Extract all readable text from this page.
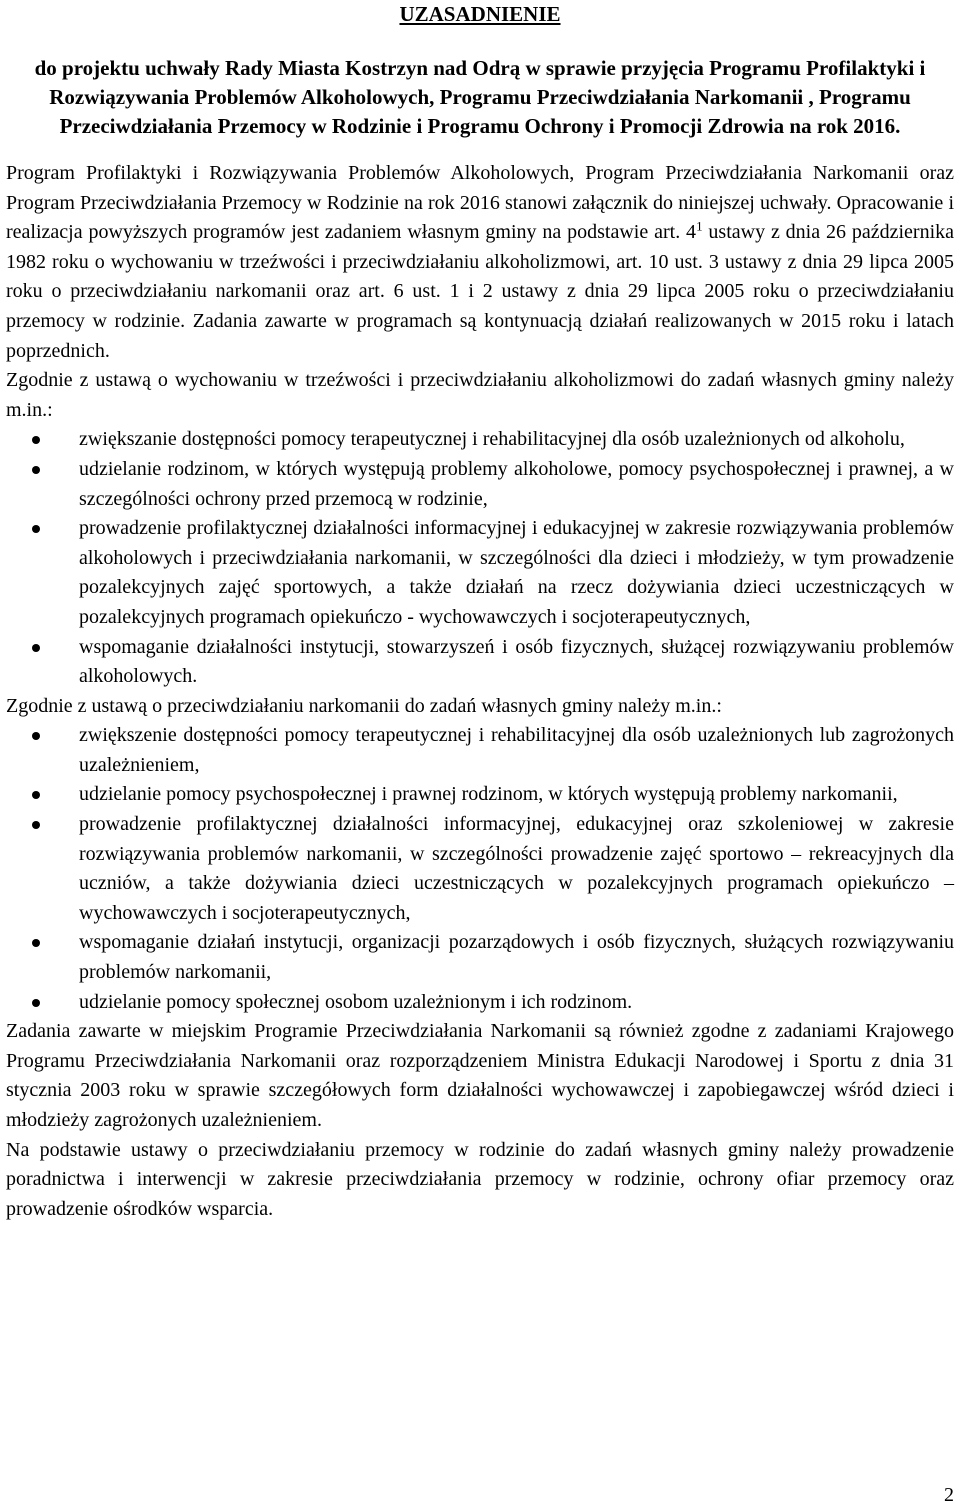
UZASADNIENIE

do projektu uchwały Rady Miasta Kostrzyn nad Odrą w sprawie przyjęcia Programu Profilaktyki i Rozwiązywania Problemów Alkoholowych, Programu Przeciwdziałania Narkomanii , Programu Przeciwdziałania Przemocy w Rodzinie i Programu Ochrony i Promocji Zdrowia na rok 2016.

Program Profilaktyki i Rozwiązywania Problemów Alkoholowych, Program Przeciwdziałania Narkomanii oraz Program Przeciwdziałania Przemocy w Rodzinie na rok 2016 stanowi załącznik do niniejszej uchwały. Opracowanie i realizacja powyższych programów jest zadaniem własnym gminy na podstawie art. $4^1$ ustawy z dnia 26 października 1982 roku o wychowaniu w trzeźwości i przeciwdziałaniu alkoholizmowi, art. 10 ust. 3 ustawy z dnia 29 lipca 2005 roku o przeciwdziałaniu narkomanii oraz art. 6 ust. 1 i 2 ustawy z dnia 29 lipca 2005 roku o przeciwdziałaniu przemocy w rodzinie. Zadania zawarte w programach są kontynuacją działań realizowanych w 2015 roku i latach poprzednich.

Zgodnie z ustawą o wychowaniu w trzeźwości i przeciwdziałaniu alkoholizmowi do zadań własnych gminy należy m.in.:

zwiększanie dostępności pomocy terapeutycznej i rehabilitacyjnej dla osób uzależnionych od alkoholu,
udzielanie rodzinom, w których występują problemy alkoholowe, pomocy psychospołecznej i prawnej, a w szczególności ochrony przed przemocą w rodzinie,
prowadzenie profilaktycznej działalności informacyjnej i edukacyjnej w zakresie rozwiązywania problemów alkoholowych i przeciwdziałania narkomanii, w szczególności dla dzieci i młodzieży, w tym prowadzenie pozalekcyjnych zajęć sportowych, a także działań na rzecz dożywiania dzieci uczestniczących w pozalekcyjnych programach opiekuńczo - wychowawczych i socjoterapeutycznych,
wspomaganie działalności instytucji, stowarzyszeń i osób fizycznych, służącej rozwiązywaniu problemów alkoholowych.

Zgodnie z ustawą o przeciwdziałaniu narkomanii do zadań własnych gminy należy m.in.:

zwiększenie dostępności pomocy terapeutycznej i rehabilitacyjnej dla osób uzależnionych lub zagrożonych uzależnieniem,
udzielanie pomocy psychospołecznej i prawnej rodzinom, w których występują problemy narkomanii,
prowadzenie profilaktycznej działalności informacyjnej, edukacyjnej oraz szkoleniowej w zakresie rozwiązywania problemów narkomanii, w szczególności prowadzenie zajęć sportowo – rekreacyjnych dla uczniów, a także dożywiania dzieci uczestniczących w pozalekcyjnych programach opiekuńczo – wychowawczych i socjoterapeutycznych,
wspomaganie działań instytucji, organizacji pozarządowych i osób fizycznych, służących rozwiązywaniu problemów narkomanii,
udzielanie pomocy społecznej osobom uzależnionym i ich rodzinom.

Zadania zawarte w miejskim Programie Przeciwdziałania Narkomanii są również zgodne z zadaniami Krajowego Programu Przeciwdziałania Narkomanii oraz rozporządzeniem Ministra Edukacji Narodowej i Sportu z dnia 31 stycznia 2003 roku w sprawie szczegółowych form działalności wychowawczej i zapobiegawczej wśród dzieci i młodzieży zagrożonych uzależnieniem.

Na podstawie ustawy o przeciwdziałaniu przemocy w rodzinie do zadań własnych gminy należy prowadzenie poradnictwa i interwencji w zakresie przeciwdziałania przemocy w rodzinie, ochrony ofiar przemocy oraz prowadzenie ośrodków wsparcia.

2
